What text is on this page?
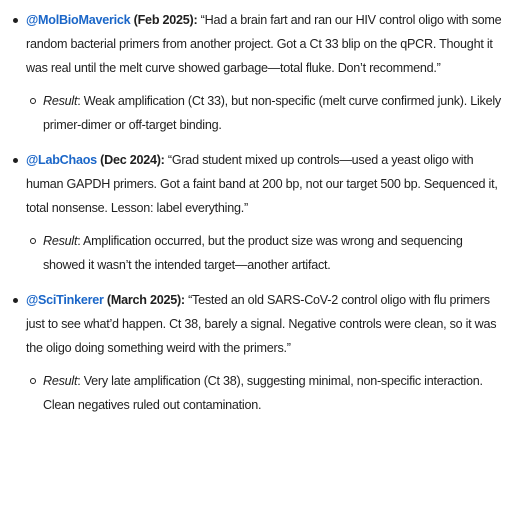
@MolBioMaverick (Feb 2025): “Had a brain fart and ran our HIV control oligo with some random bacterial primers from another project. Got a Ct 33 blip on the qPCR. Thought it was real until the melt curve showed garbage—total fluke. Don’t recommend.”
Result: Weak amplification (Ct 33), but non-specific (melt curve confirmed junk). Likely primer-dimer or off-target binding.
@LabChaos (Dec 2024): “Grad student mixed up controls—used a yeast oligo with human GAPDH primers. Got a faint band at 200 bp, not our target 500 bp. Sequenced it, total nonsense. Lesson: label everything.”
Result: Amplification occurred, but the product size was wrong and sequencing showed it wasn’t the intended target—another artifact.
@SciTinkerer (March 2025): “Tested an old SARS-CoV-2 control oligo with flu primers just to see what’d happen. Ct 38, barely a signal. Negative controls were clean, so it was the oligo doing something weird with the primers.”
Result: Very late amplification (Ct 38), suggesting minimal, non-specific interaction. Clean negatives ruled out contamination.
